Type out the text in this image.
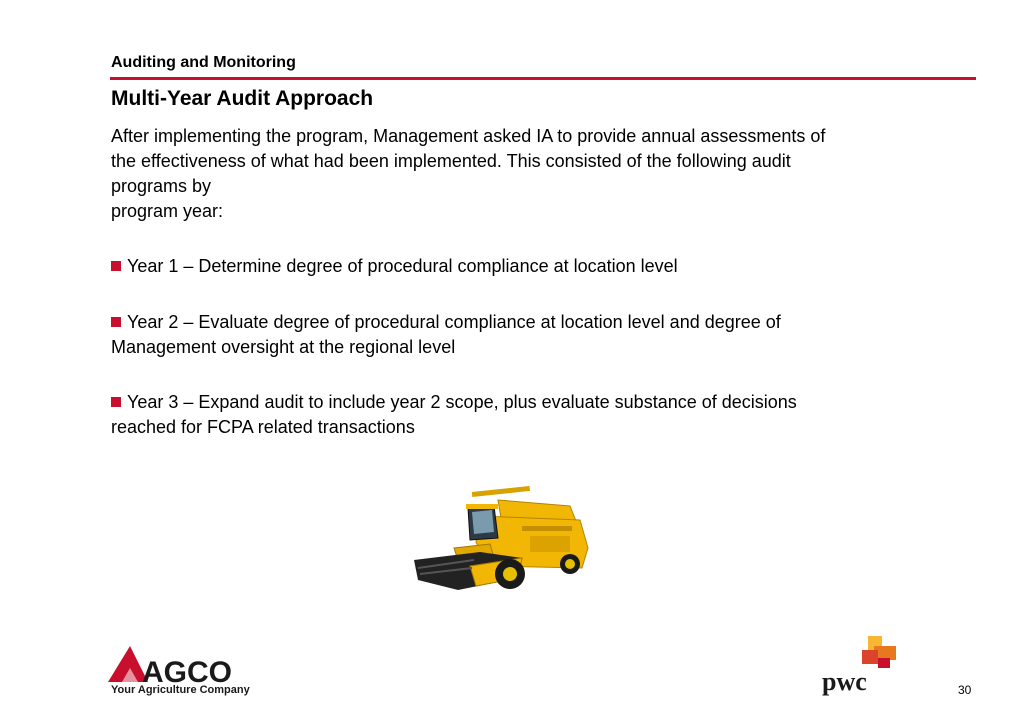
Auditing and Monitoring
Multi-Year Audit Approach

After implementing the program, Management asked IA to provide annual assessments of

the effectiveness of what had been implemented. This consisted of the following audit

programs by

program year:

Year 1 – Determine degree of procedural compliance at location level
Year 2 – Evaluate degree of procedural compliance at location level and degree of
Management oversight at the regional level
Year 3 – Expand audit to include year 2 scope, plus evaluate substance of decisions
reached for FCPA related transactions
AGCO
Your Agriculture Company	pwc	30
